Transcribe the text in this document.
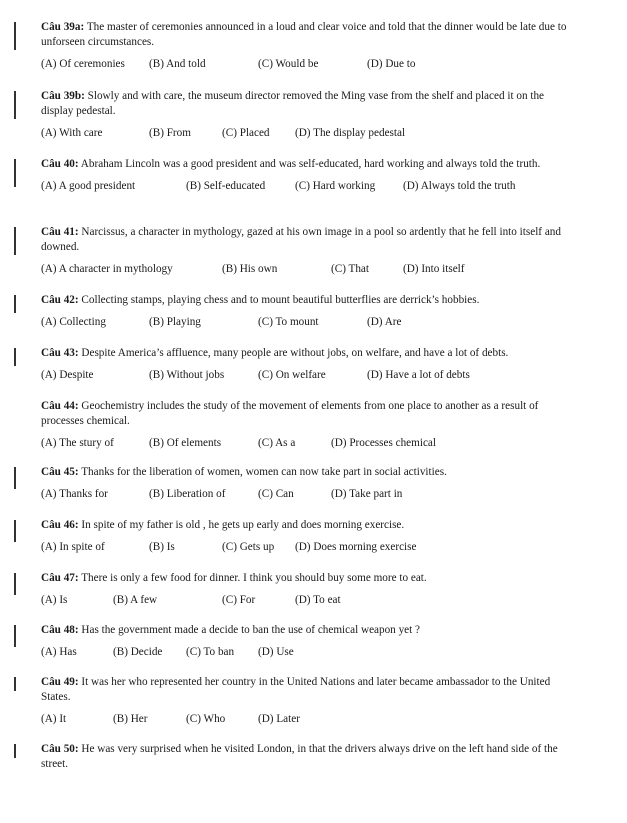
Câu 39a: The master of ceremonies announced in a loud and clear voice and told that the dinner would be late due to unforseen circumstances.

(A) Of ceremonies (B) And told	(C) Would be	(D) Due to

Câu 39b: Slowly and with care, the museum director removed the Ming vase from the shelf and placed it on the display pedestal.

(A) With care	(B) From	(C) Placed (D) The display pedestal

Câu 40: Abraham Lincoln was a good president and was self-educated, hard working and always told the truth.

(A) A good president	(B) Self-educated	(C) Hard working (D) Always told the truth

Câu 41: Narcissus, a character in mythology, gazed at his own image in a pool so ardently that he fell into itself and downed.

(A) A character in mythology	(B) His own	(C) That	(D) Into itself

Câu 42: Collecting stamps, playing chess and to mount beautiful butterflies are derrick’s hobbies.

(A) Collecting	(B) Playing	(C) To mount	(D) Are

Câu 43: Despite America’s affluence, many people are without jobs, on welfare, and have a lot of debts.

(A) Despite	(B) Without jobs	(C) On welfare	(D) Have a lot of debts

Câu 44: Geochemistry includes the study of the movement of elements from one place to another as a result of processes chemical.

(A) The stury of	(B) Of elements	(C) As a	(D) Processes chemical

Câu 45: Thanks for the liberation of women, women can now take part in social activities.

(A) Thanks for	(B) Liberation of	(C) Can	(D) Take part in

Câu 46: In spite of my father is old , he gets up early and does morning exercise.

(A) In spite of	(B) Is	(C) Gets up (D) Does morning exercise

Câu 47: There is only a few food for dinner. I think you should buy some more to eat.

(A) Is	(B) A few	(C) For	(D) To eat

Câu 48: Has the government made a decide to ban the use of chemical weapon yet ?

(A) Has	(B) Decide (C) To ban (D) Use

Câu 49: It was her who represented her country in the United Nations and later became ambassador to the United States.

(A) It	(B) Her	(C) Who	(D) Later

Câu 50: He was very surprised when he visited London, in that the drivers always drive on the left hand side of the street.
